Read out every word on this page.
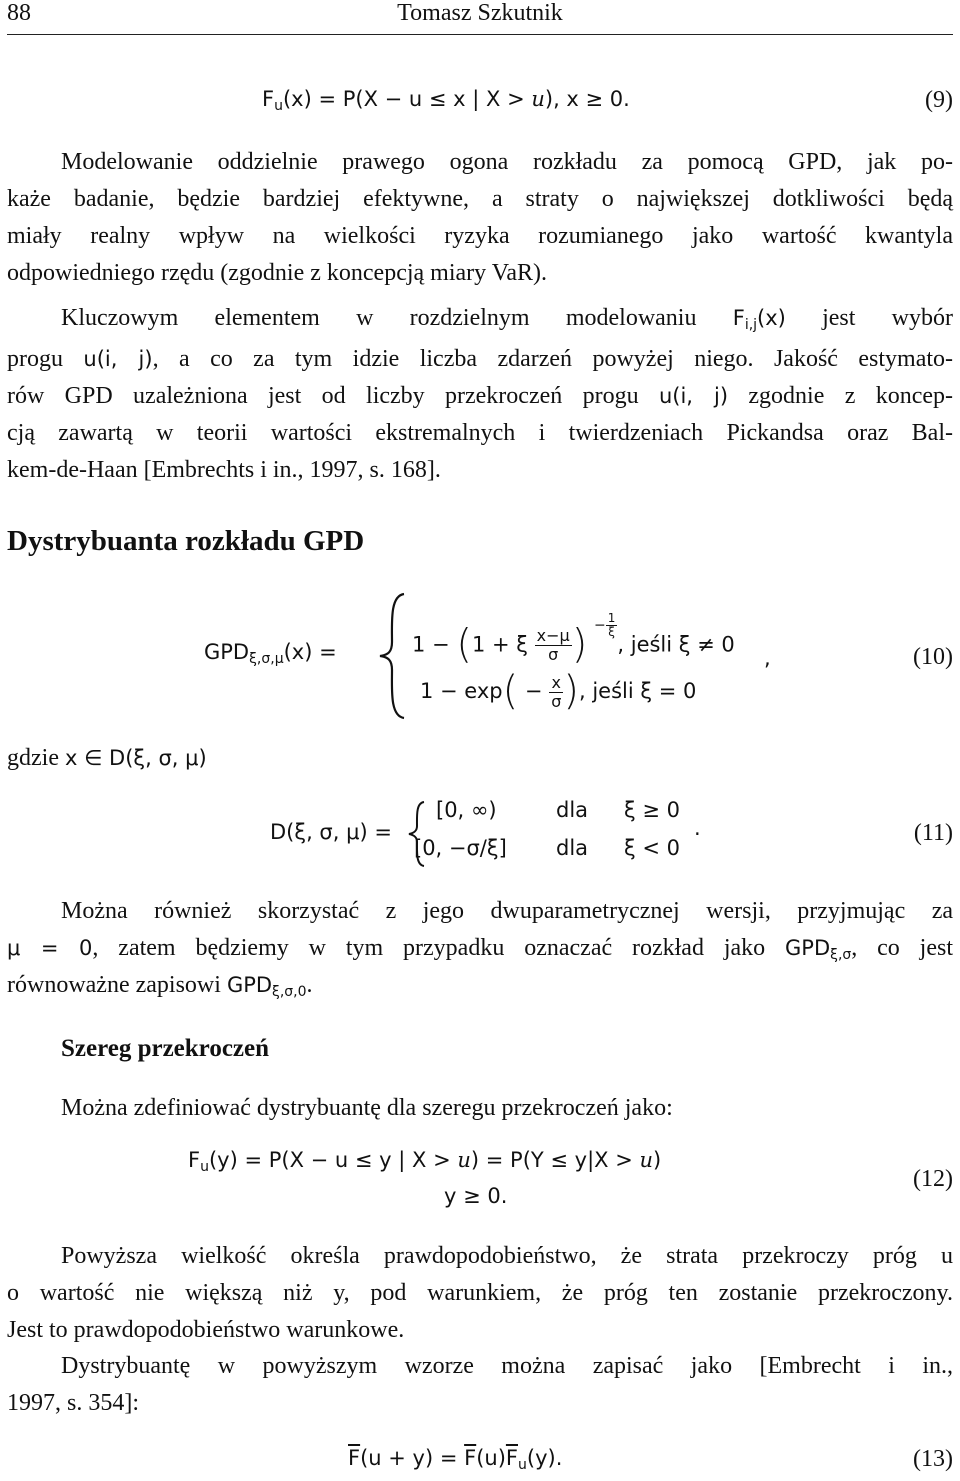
88	Tomasz Szkutnik
$F_u(x) = P(X - u \le x$ | X > u), x ≥ 0.	(9)
Modelowanie oddzielnie prawego ogona rozkładu za pomocą GPD, jak po-
każe badanie, będzie bardziej efektywne, a straty o największej dotkliwości będą
miały realny wpływ na wielkości ryzyka rozumianego jako wartość kwantyla
odpowiedniego rzędu (zgodnie z koncepcją miary VaR).
Kluczowym elementem w rozdzielnym modelowaniu $F_{i,j}(x)$ jest wybór
progu u(i, j), a co za tym idzie liczba zdarzeń powyżej niego. Jakość estymato-
rów GPD uzależniona jest od liczby przekroczeń progu u(i, j) zgodnie z koncep-
cją zawartą w teorii wartości ekstremalnych i twierdzeniach Pickandsa oraz Bal-
kem-de-Haan [Embrechts i in., 1997, s. 168].
Dystrybuanta rozkładu GPD
$GPD_{\xi,\sigma,\mu}(x)$ =	1 − (1 + ξ $\frac{x-\mu}{\sigma}$ ) − $\frac{1}{\xi}$
, jeśli ξ ≠ 0
$1 - \exp( - \frac{x}{\sigma}$ ), jeśli ξ = 0
,	(10)
gdzie x ∈ D(ξ, σ, μ)
D(ξ, σ, μ) =
[0, ∞)	dla ξ ≥ 0
[0, −σ/ξ] dla ξ < 0
.	(11)
Można również skorzystać z jego dwuparametrycznej wersji, przyjmując za
μ = 0, zatem będziemy w tym przypadku oznaczać rozkład jako $GPD_{\xi,\sigma}$, co jest
równoważne zapisowi $GPD_{\xi,\sigma,0}$.
Szereg przekroczeń
Można zdefiniować dystrybuantę dla szeregu przekroczeń jako:
$F_u(y) = P(X - u \le y$ | X > u) = P(Y ≤ y|X > u)
y ≥ 0.
(12)
Powyższa wielkość określa prawdopodobieństwo, że strata przekroczy próg u
o wartość nie większą niż y, pod warunkiem, że próg ten zostanie przekroczony.
Jest to prawdopodobieństwo warunkowe.
Dystrybuantę w powyższym wzorze można zapisać jako [Embrecht i in.,
1997, s. 354]:
$\overline{F}(u + y) = \overline{F}(u)\overline{F}_u(y)$.	(13)
